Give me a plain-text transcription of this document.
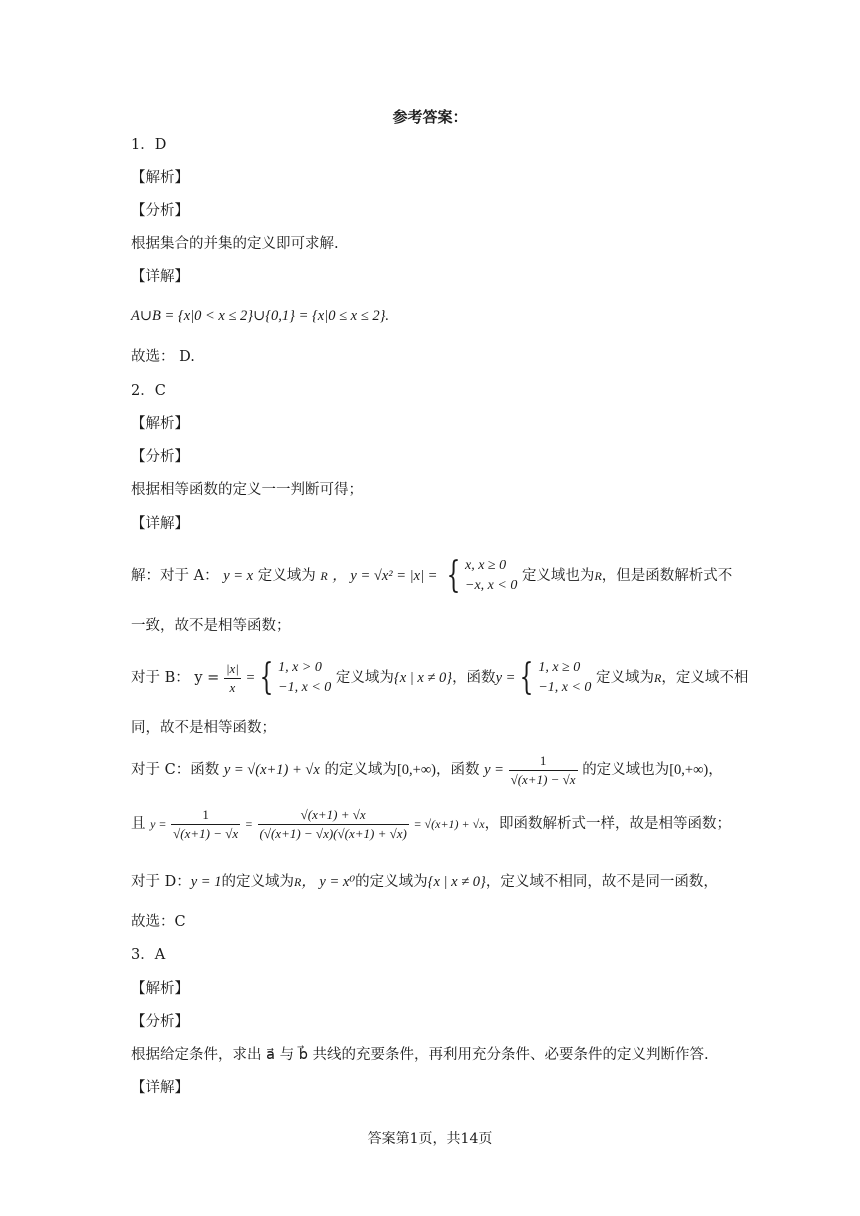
参考答案：
1．D
【解析】
【分析】
根据集合的并集的定义即可求解.
【详解】
A∪B = {x|0 < x ≤ 2}∪{0,1} = {x|0 ≤ x ≤ 2}.
故选： D.
2．C
【解析】
【分析】
根据相等函数的定义一一判断可得；
【详解】
解：对于 A： y = x 定义域为 R ， y = √x² = |x| = { x, x ≥ 0
−x, x < 0
定义域也为R，但是函数解析式不
一致，故不是相等函数；
对于 B： $y = \frac{|x|}{x}$ = { 1, x > 0
−1, x < 0
定义域为{x | x ≠ 0}，函数y = { 1, x ≥ 0
−1, x < 0
定义域为R，定义域不相
同，故不是相等函数；
对于 C：函数 y = √(x+1) + √x 的定义域为[0,+∞)，函数 $y = \frac{1}{√(x+1) - √x}$ 的定义域也为[0,+∞)，
且 $y = \frac{1}{√(x+1) - √x} = \frac{√(x+1) + √x}{(√(x+1) - √x)(√(x+1) + √x)} = √(x+1) + √x$，即函数解析式一样，故是相等函数；
对于 D：y = 1的定义域为R， y = x⁰的定义域为{x | x ≠ 0}，定义域不相同，故不是同一函数，
故选：C
3．A
【解析】
【分析】
根据给定条件，求出 a⃗ 与 b⃗ 共线的充要条件，再利用充分条件、必要条件的定义判断作答.
【详解】
答案第1页，共14页
